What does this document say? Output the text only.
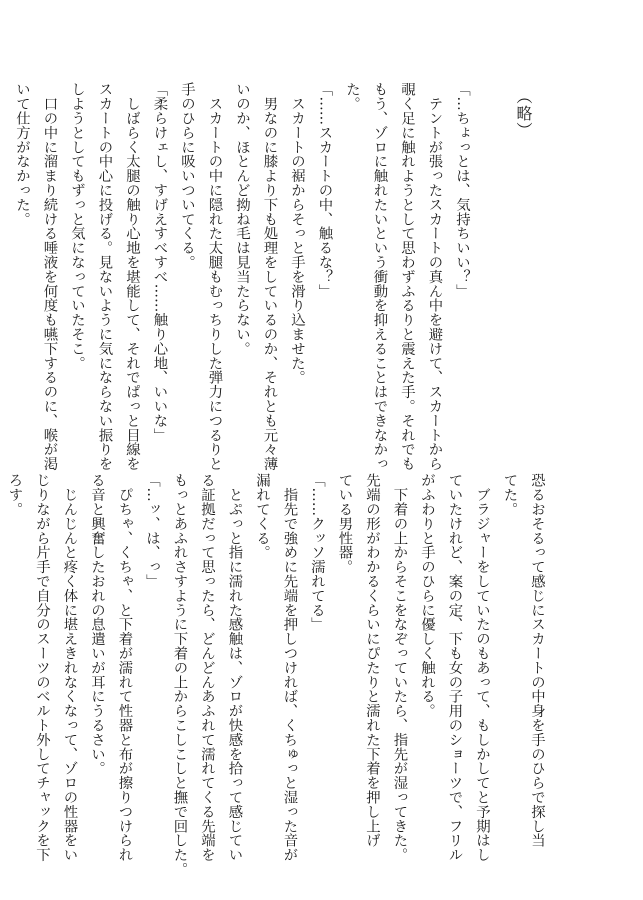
（略）
「…ちょっとは、気持ちいい？」
　テントが張ったスカートの真ん中を避けて、スカートから
覗く足に触れようとして思わずふるりと震えた手。それでも
もう、ゾロに触れたいという衝動を抑えることはできなかっ
た。
「……スカートの中、触るな？」
　スカートの裾からそっと手を滑り込ませた。
　男なのに膝より下も処理をしているのか、それとも元々薄
いのか、ほとんど拗ね毛は見当たらない。
　スカートの中に隠れた太腿もむっちりした弾力につるりと
手のひらに吸いついてくる。
「柔らけェし、すげえすべすべ……触り心地、いいな」
　しばらく太腿の触り心地を堪能して、それでぱっと目線を
スカートの中心に投げる。見ないように気にならない振りを
しようとしてもずっと気になっていたそこ。
　口の中に溜まり続ける唾液を何度も嚥下するのに、喉が渇
いて仕方がなかった。
恐るおそるって感じにスカートの中身を手のひらで探し当
てた。
　ブラジャーをしていたのもあって、もしかしてと予期はし
ていたけれど、案の定、下も女の子用のショーツで、フリル
がふわりと手のひらに優しく触れる。
　下着の上からそこをなぞっていたら、指先が湿ってきた。
先端の形がわかるくらいにぴたりと濡れた下着を押し上げ
ている男性器。
「……クッソ濡れてる」
　指先で強めに先端を押しつければ、くちゅっと湿った音が
漏れてくる。
　とぷっと指に濡れた感触は、ゾロが快感を拾って感じてい
る証拠だって思ったら、どんどんあふれて濡れてくる先端を
もっとあふれさすように下着の上からこしこしと撫で回した。
「…ッ、は、っ」
　ぴちゃ、くちゃ、と下着が濡れて性器と布が擦りつけられ
る音と興奮したおれの息遣いが耳にうるさい。
　じんじんと疼く体に堪えきれなくなって、ゾロの性器をい
じりながら片手で自分のスーツのベルト外してチャックを下
ろす。
